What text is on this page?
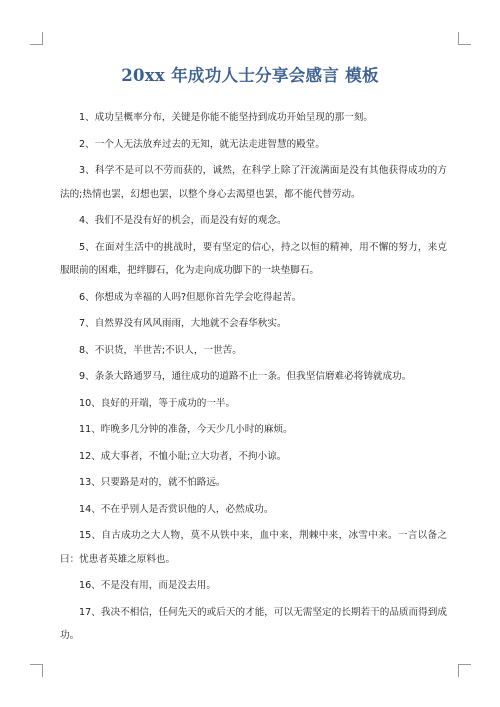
20xx 年成功人士分享会感言 模板

1、成功呈概率分布，关键是你能不能坚持到成功开始呈现的那一刻。

2、一个人无法放弃过去的无知，就无法走进智慧的殿堂。

3、科学不是可以不劳而获的，诚然，在科学上除了汗流满面是没有其他获得成功的方法的;热情也罢，幻想也罢，以整个身心去渴望也罢，都不能代替劳动。

4、我们不是没有好的机会，而是没有好的观念。

5、在面对生活中的挑战时，要有坚定的信心，持之以恒的精神，用不懈的努力，来克服眼前的困难，把绊脚石，化为走向成功脚下的一块垫脚石。

6、你想成为幸福的人吗?但愿你首先学会吃得起苦。

7、自然界没有风风雨雨，大地就不会春华秋实。

8、不识货，半世苦;不识人，一世苦。

9、条条大路通罗马，通往成功的道路不止一条。但我坚信磨难必将铸就成功。

10、良好的开端，等于成功的一半。

11、昨晚多几分钟的准备，今天少几小时的麻烦。

12、成大事者，不恤小耻;立大功者，不拘小谅。

13、只要路是对的，就不怕路远。

14、不在乎别人是否赏识他的人，必然成功。

15、自古成功之大人物，莫不从铁中来，血中来，荆棘中来，冰雪中来。一言以备之曰：忧患者英雄之原料也。

16、不是没有用，而是没去用。

17、我决不相信，任何先天的或后天的才能，可以无需坚定的长期若干的品质而得到成功。
